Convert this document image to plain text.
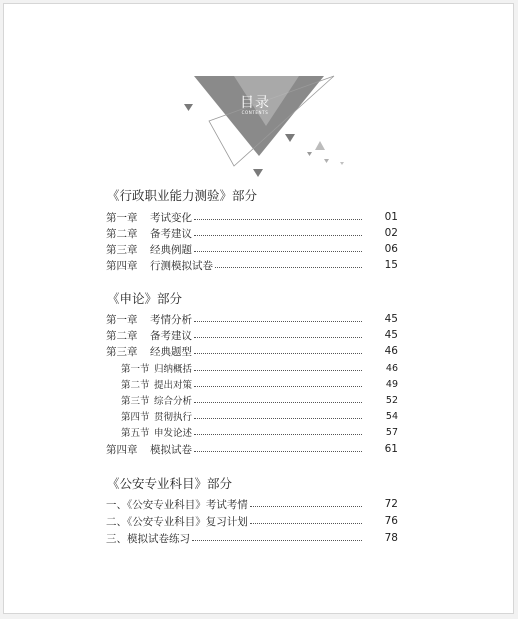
目录
CONTENTS
《行政职业能力测验》部分
第一章	考试变化	01
第二章	备考建议	02
第三章	经典例题	06
第四章	行测模拟试卷	15
《申论》部分
第一章	考情分析	45
第二章	备考建议	45
第三章	经典题型	46
第一节 归纳概括	46
第二节 提出对策	49
第三节 综合分析	52
第四节 贯彻执行	54
第五节 申发论述	57
第四章	模拟试卷	61
《公安专业科目》部分
一、《公安专业科目》考试考情	72
二、《公安专业科目》复习计划	76
三、模拟试卷练习	78
